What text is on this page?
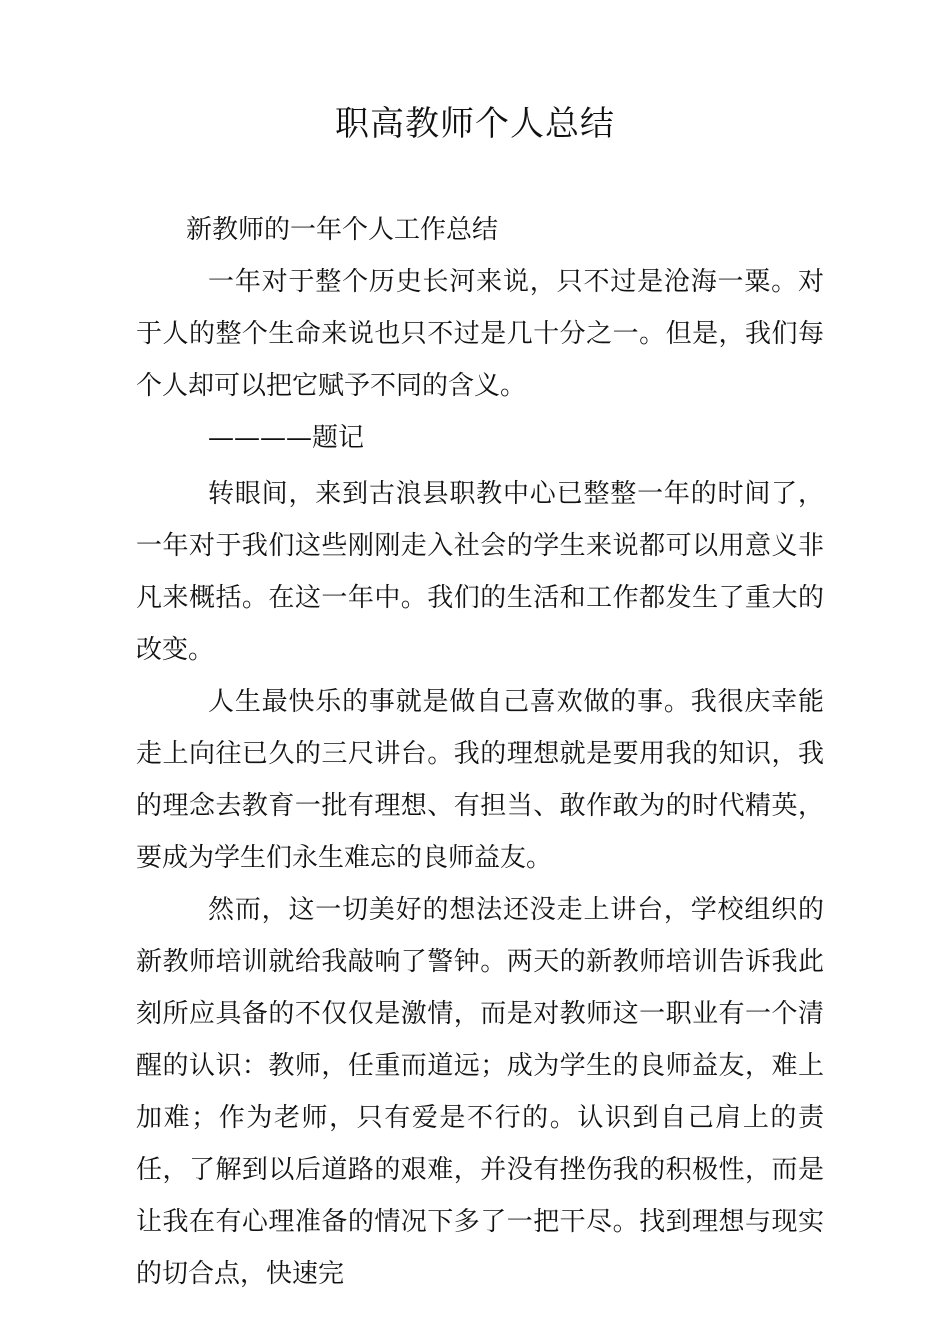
职高教师个人总结

新教师的一年个人工作总结

一年对于整个历史长河来说，只不过是沧海一粟。对于人的整个生命来说也只不过是几十分之一。但是，我们每个人却可以把它赋予不同的含义。

————题记

转眼间，来到古浪县职教中心已整整一年的时间了，一年对于我们这些刚刚走入社会的学生来说都可以用意义非凡来概括。在这一年中。我们的生活和工作都发生了重大的改变。

人生最快乐的事就是做自己喜欢做的事。我很庆幸能走上向往已久的三尺讲台。我的理想就是要用我的知识，我的理念去教育一批有理想、有担当、敢作敢为的时代精英，要成为学生们永生难忘的良师益友。

然而，这一切美好的想法还没走上讲台，学校组织的新教师培训就给我敲响了警钟。两天的新教师培训告诉我此刻所应具备的不仅仅是激情，而是对教师这一职业有一个清醒的认识：教师，任重而道远；成为学生的良师益友，难上加难；作为老师，只有爱是不行的。认识到自己肩上的责任，了解到以后道路的艰难，并没有挫伤我的积极性，而是让我在有心理准备的情况下多了一把干尽。找到理想与现实的切合点，快速完
